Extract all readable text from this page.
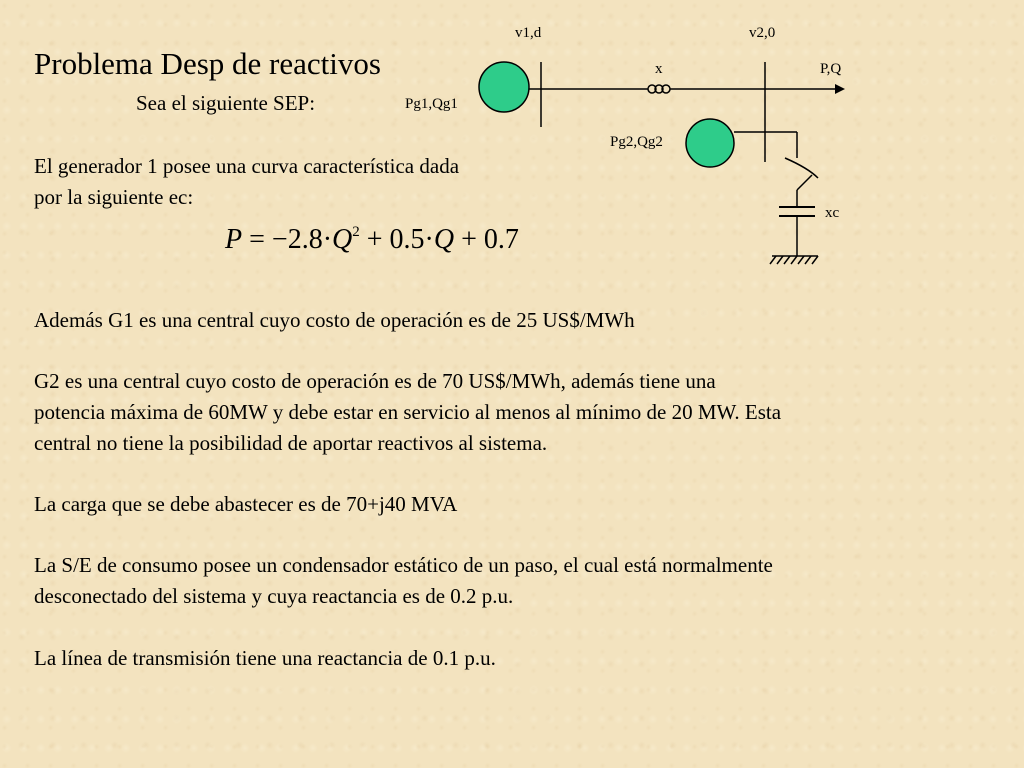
Problema Desp de reactivos
Sea el siguiente SEP:
El generador 1 posee una curva característica dada
por la siguiente ec:
$P = -2.8\cdot Q^2 + 0.5\cdot Q + 0.7$
Además G1 es una central cuyo costo de operación es de 25 US$/MWh
G2 es una central cuyo costo de operación es de 70 US$/MWh, además tiene una
potencia máxima de 60MW y debe estar en servicio al menos al mínimo de 20 MW. Esta
central no tiene la posibilidad de aportar reactivos al sistema.
La carga que se debe abastecer es de 70+j40 MVA
La S/E de consumo posee un condensador estático de un paso, el cual está normalmente
desconectado del sistema y cuya reactancia es de 0.2 p.u.
La línea de transmisión tiene una reactancia de 0.1 p.u.
v1,d	v2,0
x	P,Q
Pg1,Qg1
Pg2,Qg2
xc
